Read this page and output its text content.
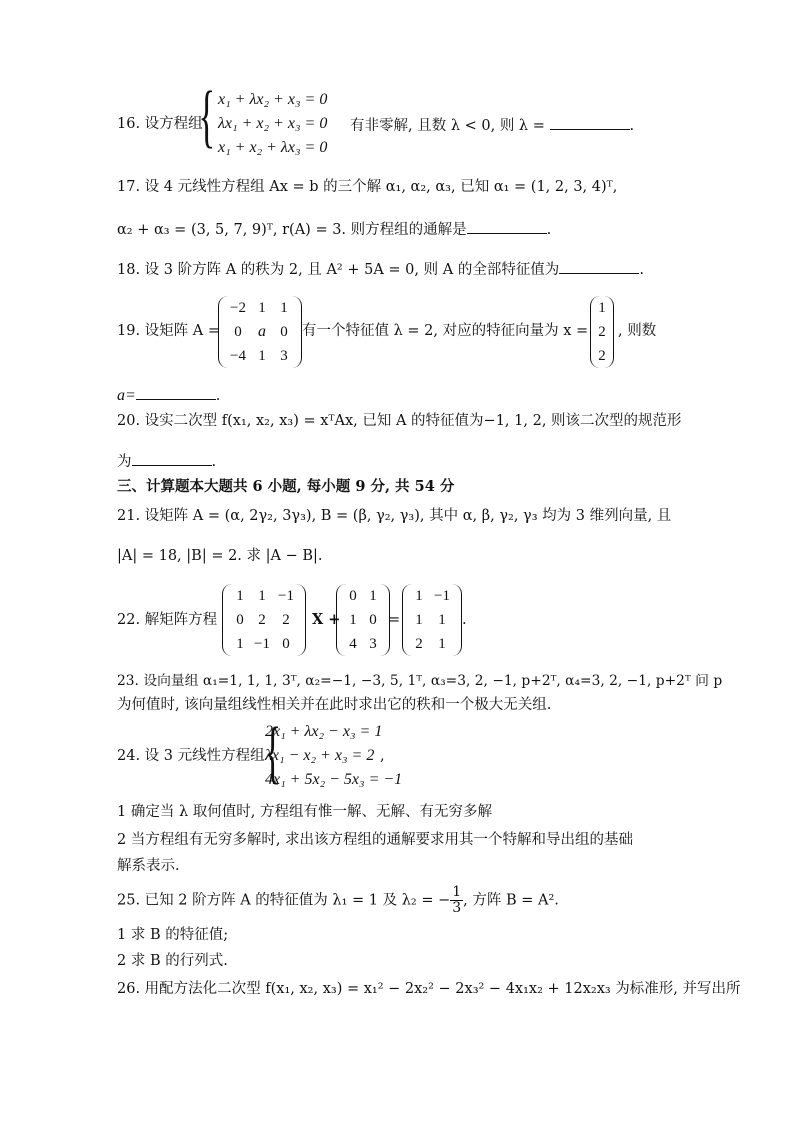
16. 设方程组
{ x₁ + λx₂ + x₃ = 0
λx₁ + x₂ + x₃ = 0
x₁ + x₂ + λx₃ = 0
有非零解, 且数 λ < 0, 则 λ =	.
17. 设 4 元线性方程组 Ax = b 的三个解 α₁, α₂, α₃, 已知 α₁ = (1, 2, 3, 4)ᵀ,
α₂ + α₃ = (3, 5, 7, 9)ᵀ, r(A) = 3. 则方程组的通解是	.
18. 设 3 阶方阵 A 的秩为 2, 且 A² + 5A = 0, 则 A 的全部特征值为	.
19. 设矩阵 A =
−2 1 1
0	a 0
−4 1 3
有一个特征值 λ = 2, 对应的特征向量为 x =
1
2
2
, 则数
a=	.
20. 设实二次型 f(x₁, x₂, x₃) = xᵀAx, 已知 A 的特征值为−1, 1, 2, 则该二次型的规范形
为	.
三、计算题本大题共 6 小题, 每小题 9 分, 共 54 分
21. 设矩阵 A = (α, 2γ₂, 3γ₃), B = (β, γ₂, γ₃), 其中 α, β, γ₂, γ₃ 均为 3 维列向量, 且
|A| = 18, |B| = 2. 求 |A − B|.
22. 解矩阵方程
1 1 −1
0 2	2
1 −1 0
X +
0 1
1 0
4 3
=
1 −1
1	1
2	1
.
23. 设向量组 α₁=1, 1, 1, 3ᵀ, α₂=−1, −3, 5, 1ᵀ, α₃=3, 2, −1, p+2ᵀ, α₄=3, 2, −1, p+2ᵀ 问 p
为何值时, 该向量组线性相关并在此时求出它的秩和一个极大无关组.
24. 设 3 元线性方程组 {
2x₁ + λx₂ − x₃ = 1
λx₁ − x₂ + x₃ = 2
4x₁ + 5x₂ − 5x₃ = −1
,
1 确定当 λ 取何值时, 方程组有惟一解、无解、有无穷多解
2 当方程组有无穷多解时, 求出该方程组的通解要求用其一个特解和导出组的基础
解系表示.
25. 已知 2 阶方阵 A 的特征值为 λ₁ = 1 及 λ₂ = − $\frac{1}{3}$ , 方阵 B = A².
1 求 B 的特征值;
2 求 B 的行列式.
26. 用配方法化二次型 f(x₁, x₂, x₃) = x₁² − 2x₂² − 2x₃² − 4x₁x₂ + 12x₂x₃ 为标准形, 并写出所
